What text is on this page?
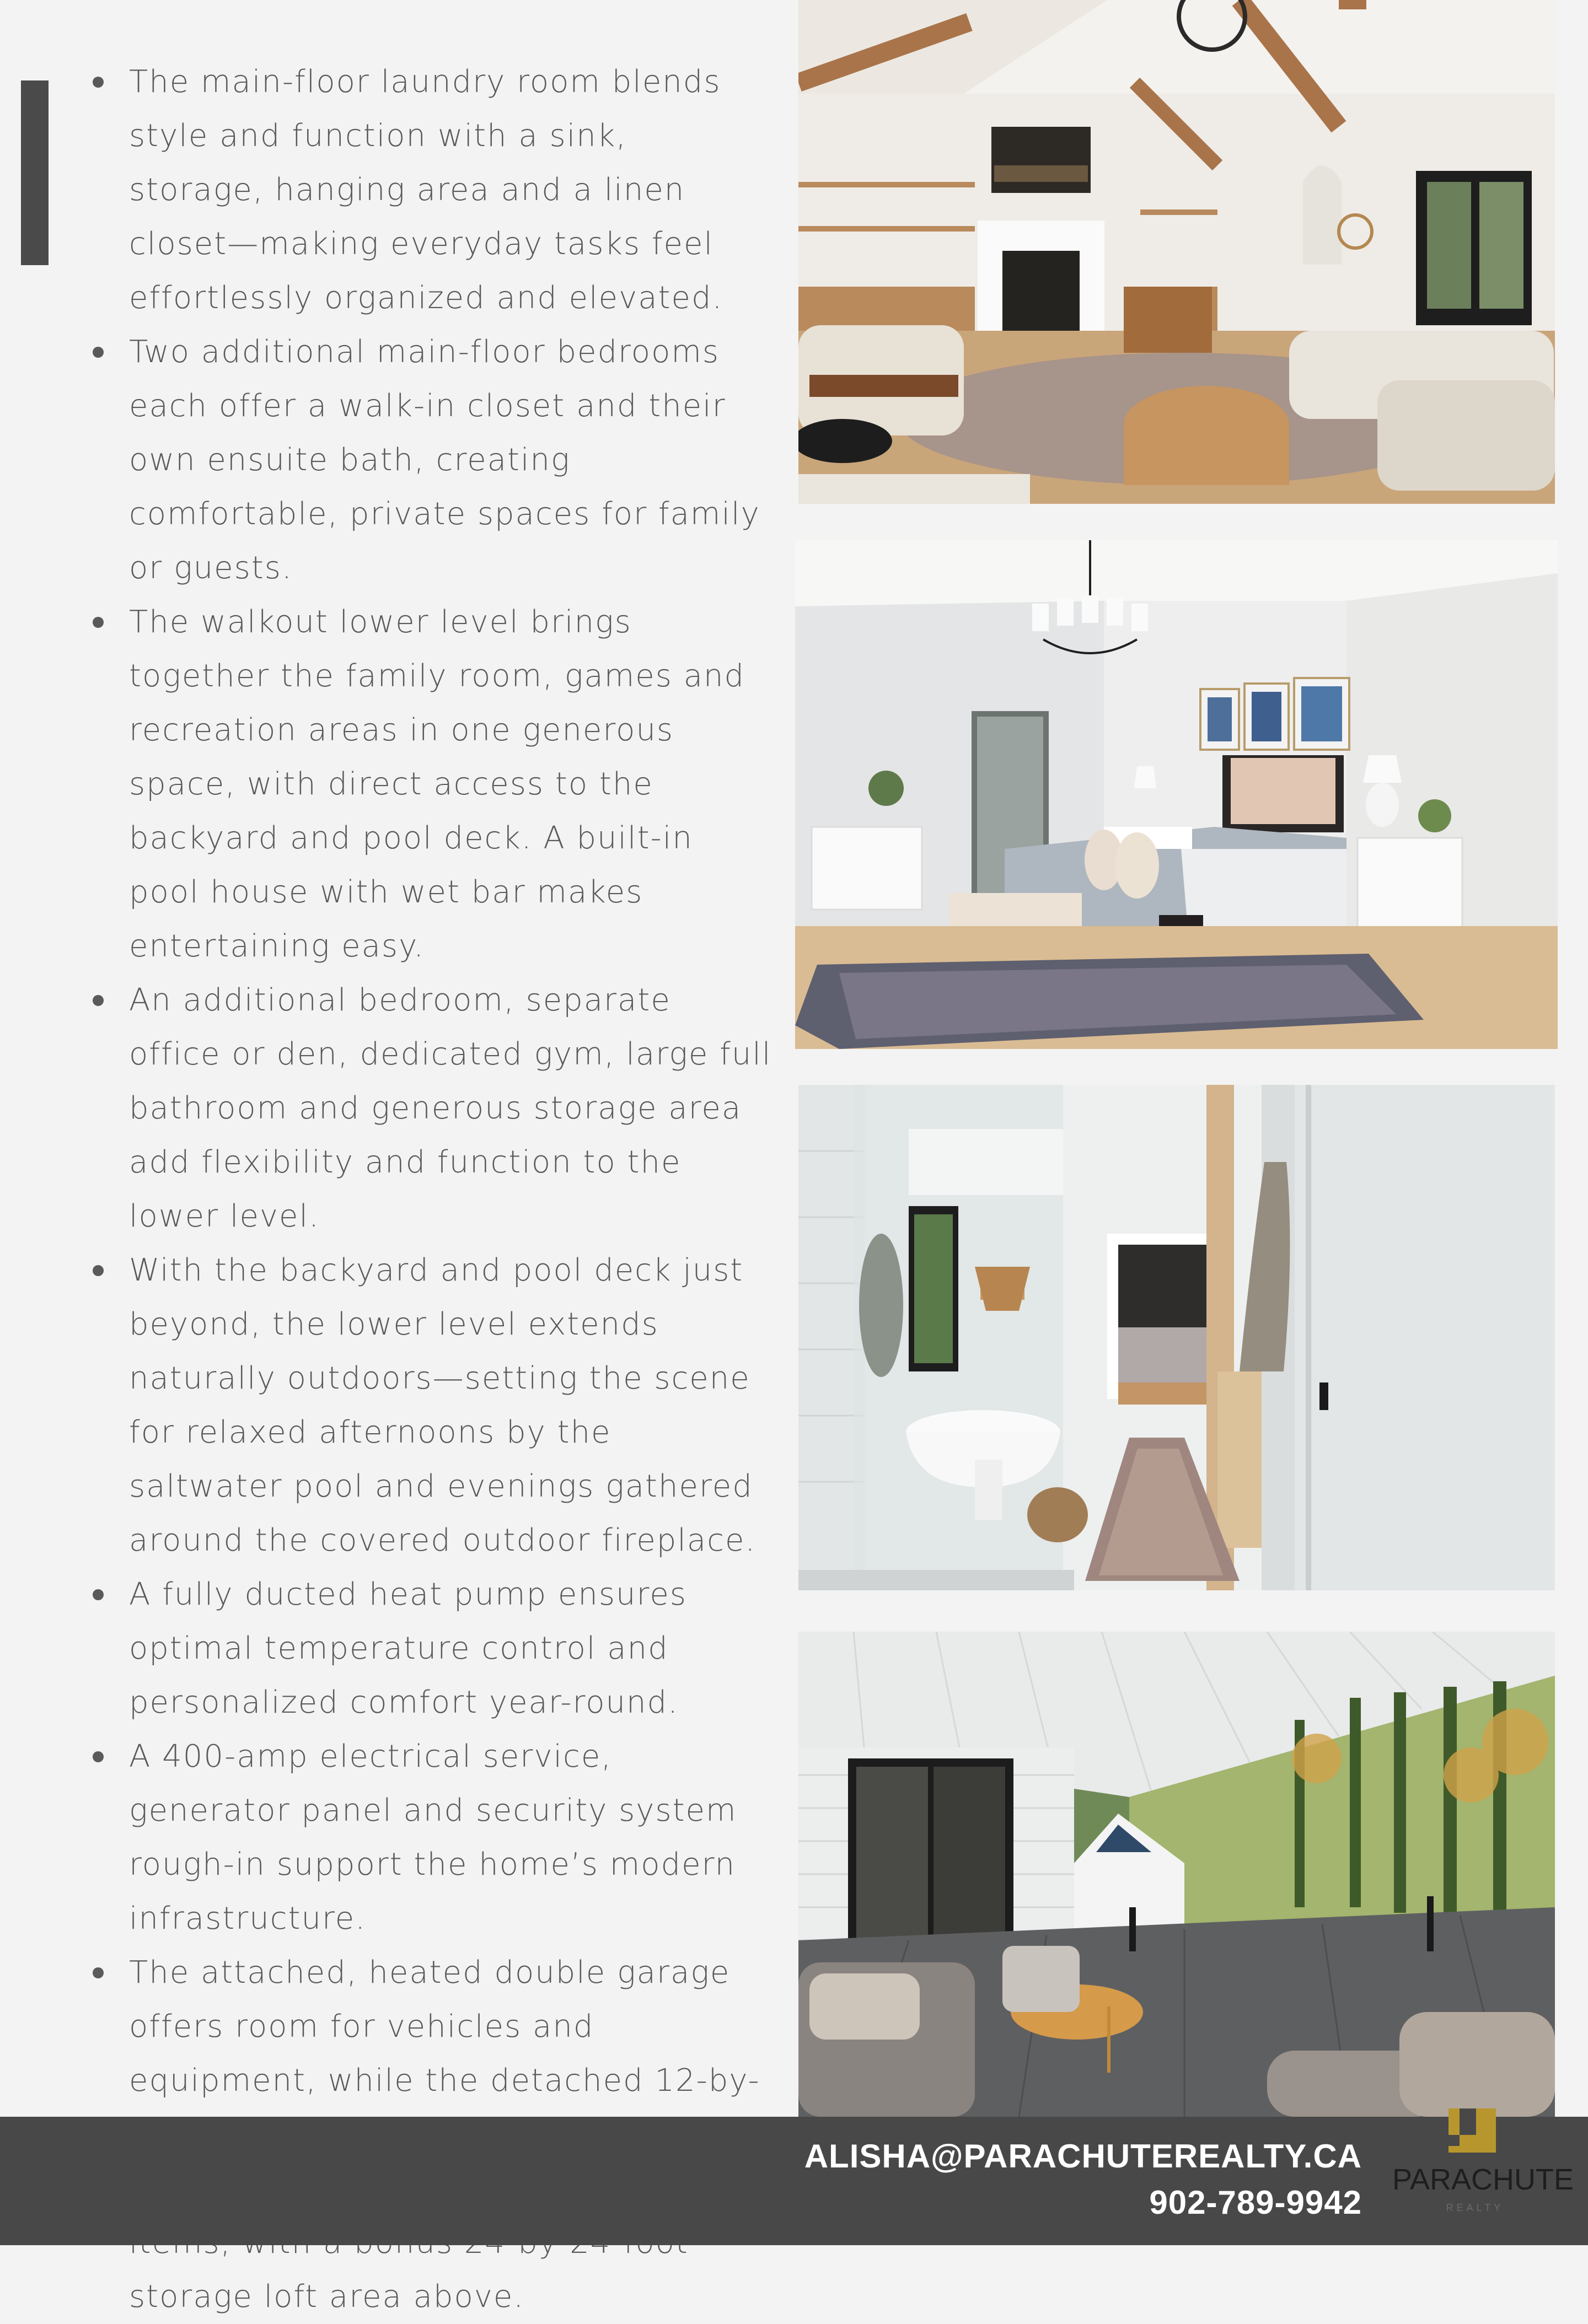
The main-floor laundry room blends style and function with a sink, storage, hanging area and a linen closet—making everyday tasks feel effortlessly organized and elevated.
Two additional main-floor bedrooms each offer a walk-in closet and their own ensuite bath, creating comfortable, private spaces for family or guests.
The walkout lower level brings together the family room, games and recreation areas in one generous space, with direct access to the backyard and pool deck. A built-in pool house with wet bar makes entertaining easy.
An additional bedroom, separate office or den, dedicated gym, large full bathroom and generous storage area add flexibility and function to the lower level.
With the backyard and pool deck just beyond, the lower level extends naturally outdoors—setting the scene for relaxed afternoons by the saltwater pool and evenings gathered around the covered outdoor fireplace.
A fully ducted heat pump ensures optimal temperature control and personalized comfort year-round.
A 400-amp electrical service, generator panel and security system rough-in support the home’s modern infrastructure.
The attached, heated double garage offers room for vehicles and equipment, while the detached 12-by- storage loft area above.
ALISHA@PARACHUTEREALTY.CA
902-789-9942
PARACHUTE
REALTY
